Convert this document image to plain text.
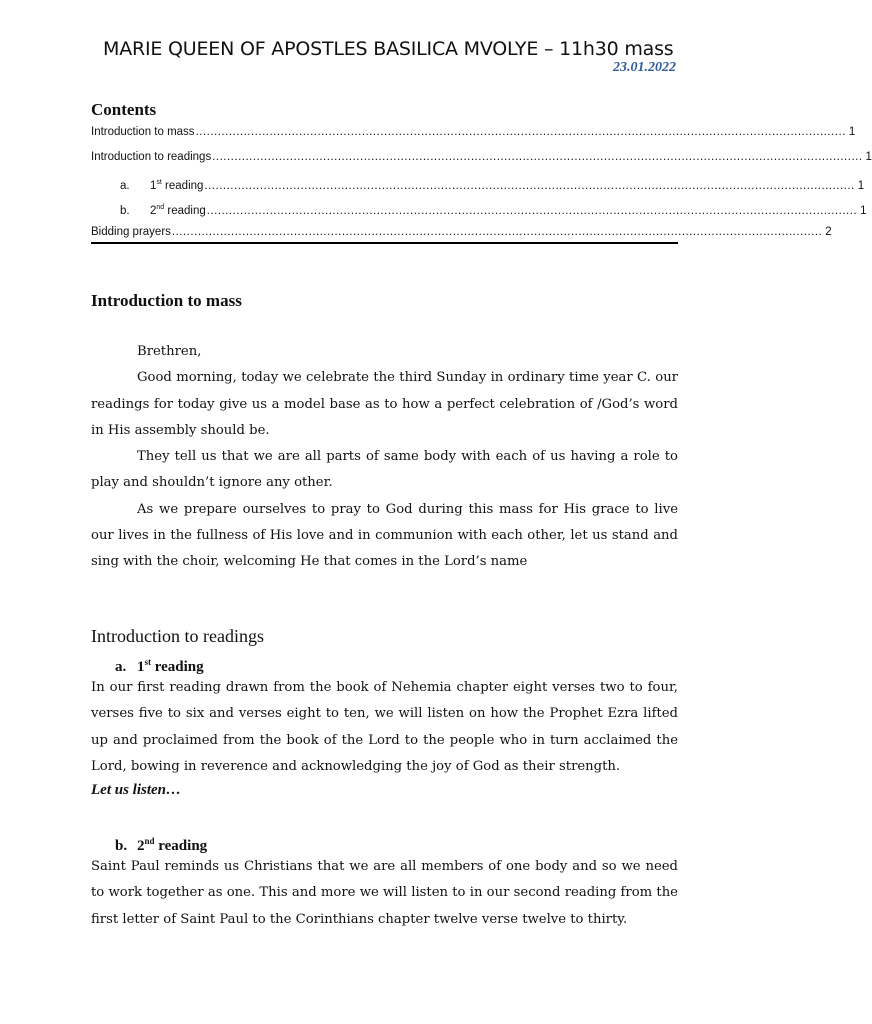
MARIE QUEEN OF APOSTLES BASILICA MVOLYE – 11h30 mass
23.01.2022
Contents
Introduction to mass ................................................................................................................................................................................ 1
Introduction to readings ................................................................................................................................................................................ 1
a. 1st reading ................................................................................................................................................................................ 1
b. 2nd reading ................................................................................................................................................................................ 1
Bidding prayers ................................................................................................................................................................................ 2
Introduction to mass

Brethren,

Good morning, today we celebrate the third Sunday in ordinary time year C. our readings for today give us a model base as to how a perfect celebration of /God’s word in His assembly should be.

They tell us that we are all parts of same body with each of us having a role to play and shouldn’t ignore any other.

As we prepare ourselves to pray to God during this mass for His grace to live our lives in the fullness of His love and in communion with each other, let us stand and sing with the choir, welcoming He that comes in the Lord’s name

Introduction to readings
a. 1st reading

In our first reading drawn from the book of Nehemia chapter eight verses two to four, verses five to six and verses eight to ten, we will listen on how the Prophet Ezra lifted up and proclaimed from the book of the Lord to the people who in turn acclaimed the Lord, bowing in reverence and acknowledging the joy of God as their strength.

Let us listen…
b. 2nd reading

Saint Paul reminds us Christians that we are all members of one body and so we need to work together as one. This and more we will listen to in our second reading from the first letter of Saint Paul to the Corinthians chapter twelve verse twelve to thirty.
